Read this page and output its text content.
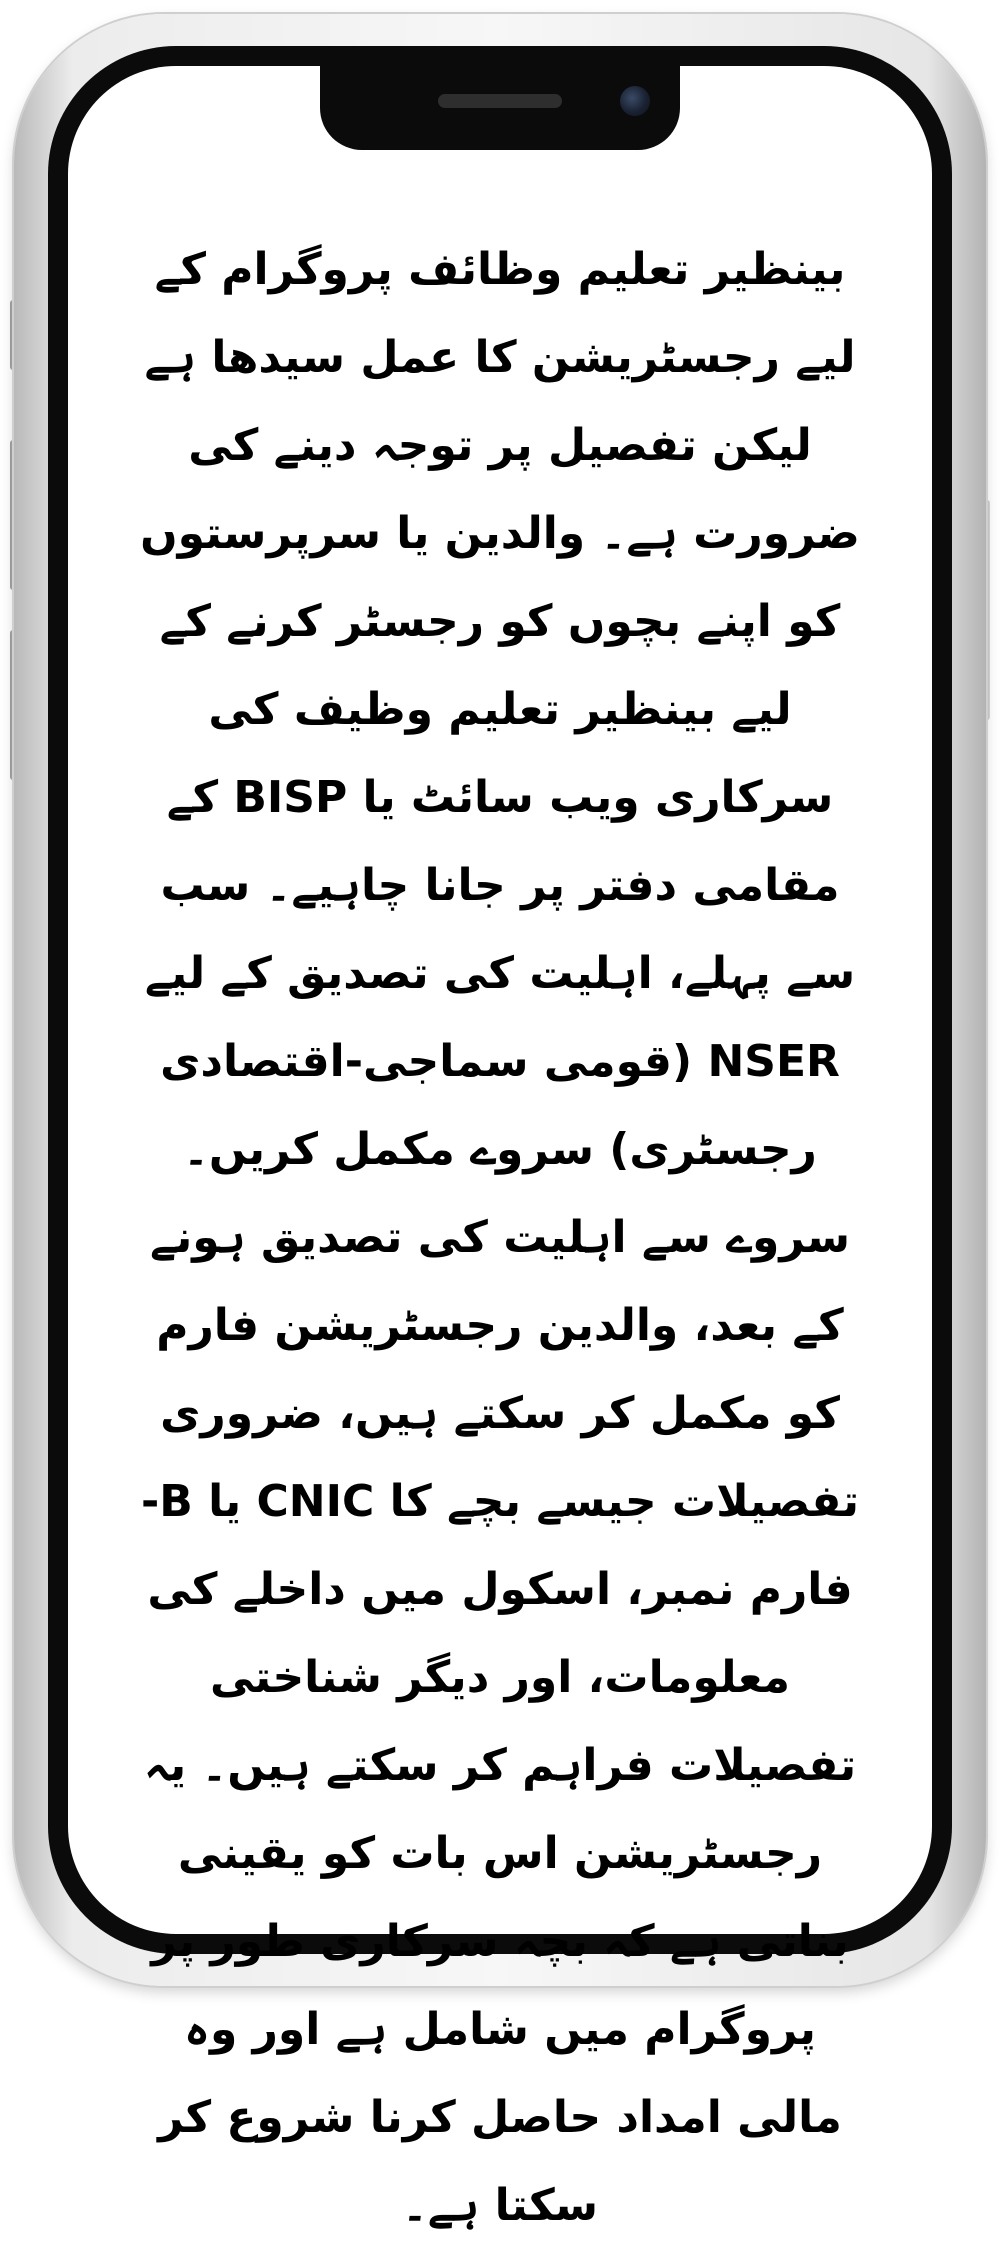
بینظیر تعلیم وظائف پروگرام کے لیے رجسٹریشن کا عمل سیدھا ہے لیکن تفصیل پر توجہ دینے کی ضرورت ہے۔ والدین یا سرپرستوں کو اپنے بچوں کو رجسٹر کرنے کے لیے بینظیر تعلیم وظیف کی سرکاری ویب سائٹ یا BISP کے مقامی دفتر پر جانا چاہیے۔ سب سے پہلے، اہلیت کی تصدیق کے لیے NSER (قومی سماجی-اقتصادی رجسٹری) سروے مکمل کریں۔ سروے سے اہلیت کی تصدیق ہونے کے بعد، والدین رجسٹریشن فارم کو مکمل کر سکتے ہیں، ضروری تفصیلات جیسے بچے کا CNIC یا B-فارم نمبر، اسکول میں داخلے کی معلومات، اور دیگر شناختی تفصیلات فراہم کر سکتے ہیں۔ یہ رجسٹریشن اس بات کو یقینی بناتی ہے کہ بچہ سرکاری طور پر پروگرام میں شامل ہے اور وہ مالی امداد حاصل کرنا شروع کر سکتا ہے۔
